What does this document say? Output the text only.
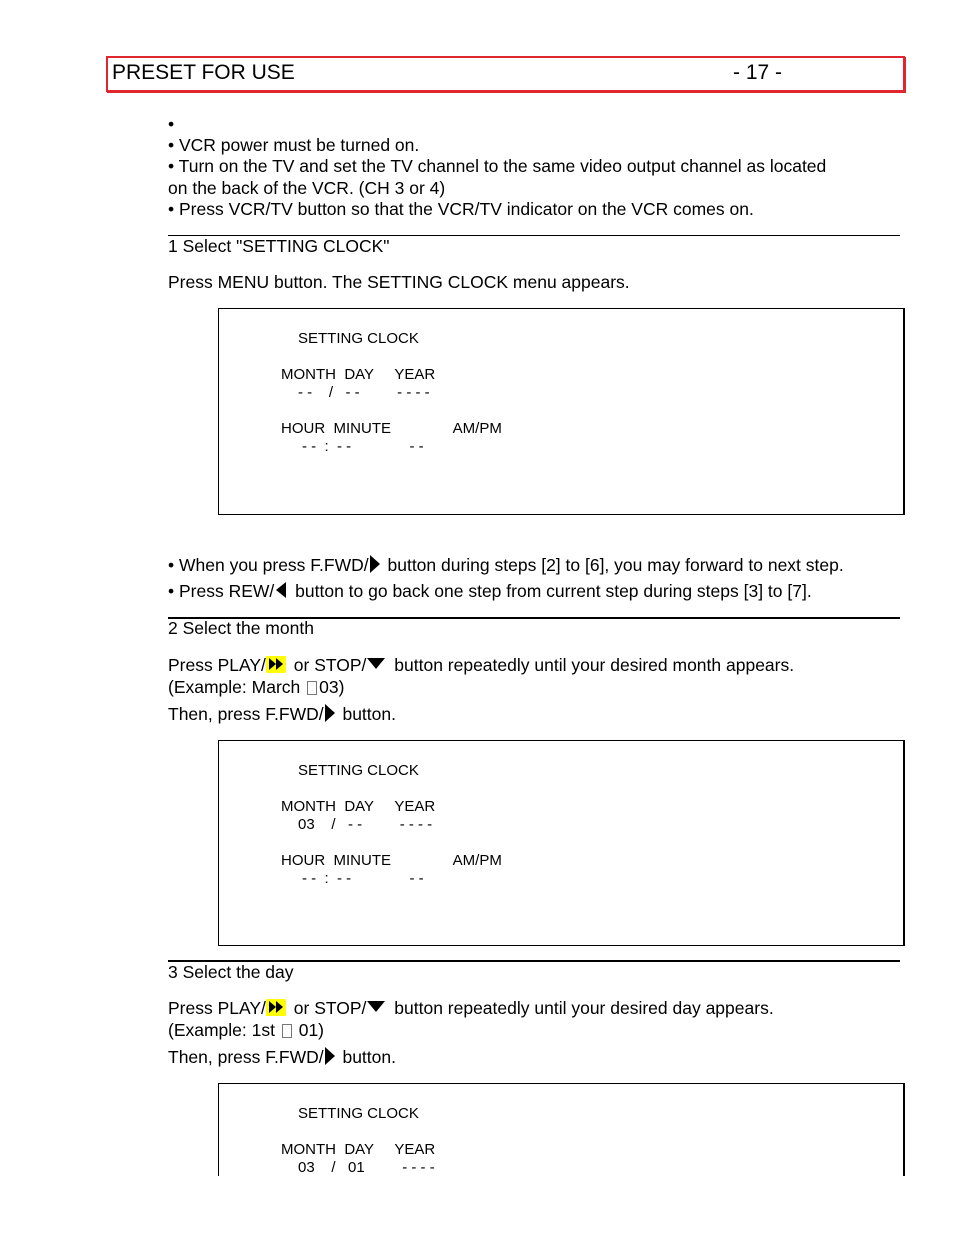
PRESET FOR USE	- 17 -
•
• VCR power must be turned on.
• Turn on the TV and set the TV channel to the same video output channel as located
on the back of the VCR. (CH 3 or 4)
• Press VCR/TV button so that the VCR/TV indicator on the VCR comes on.
1 Select "SETTING CLOCK"
Press MENU button. The SETTING CLOCK menu appears.
SETTING CLOCK
MONTH  DAY     YEAR
- -    /   - -         - - - -
HOUR  MINUTE               AM/PM
- -  :  - -              - -
• When you press F.FWD/ button during steps [2] to [6], you may forward to next step.
• Press REW/ button to go back one step from current step during steps [3] to [7].
2 Select the month
Press PLAY/ or STOP/ button repeatedly until your desired month appears.
(Example: March 03)
Then, press F.FWD/ button.
SETTING CLOCK
MONTH  DAY     YEAR
03    /   - -         - - - -
HOUR  MINUTE               AM/PM
- -  :  - -              - -
3 Select the day
Press PLAY/ or STOP/ button repeatedly until your desired day appears.
(Example: 1st  01)
Then, press F.FWD/ button.
SETTING CLOCK
MONTH  DAY     YEAR
03    /   01         - - - -
